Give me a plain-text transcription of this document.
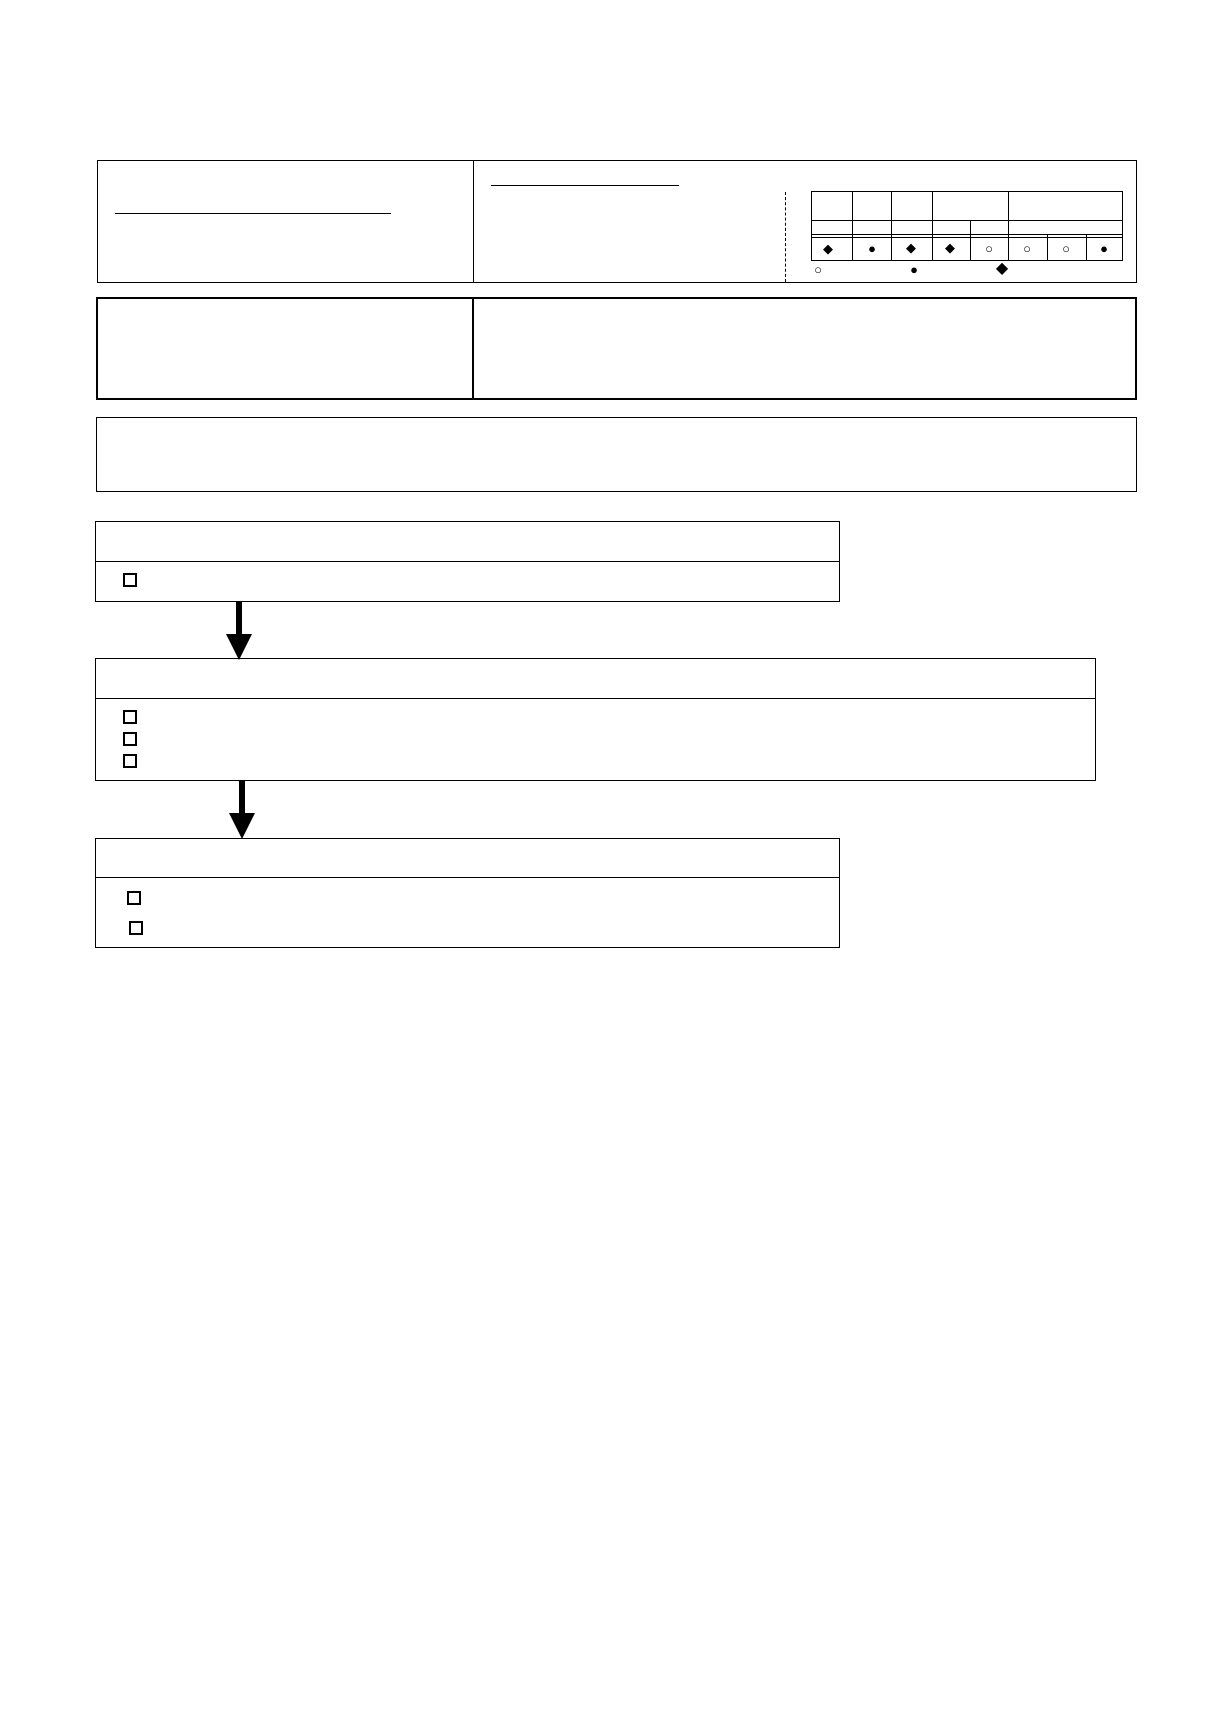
◆	●	◆	◆	○	○	○	●
○	●	◆
